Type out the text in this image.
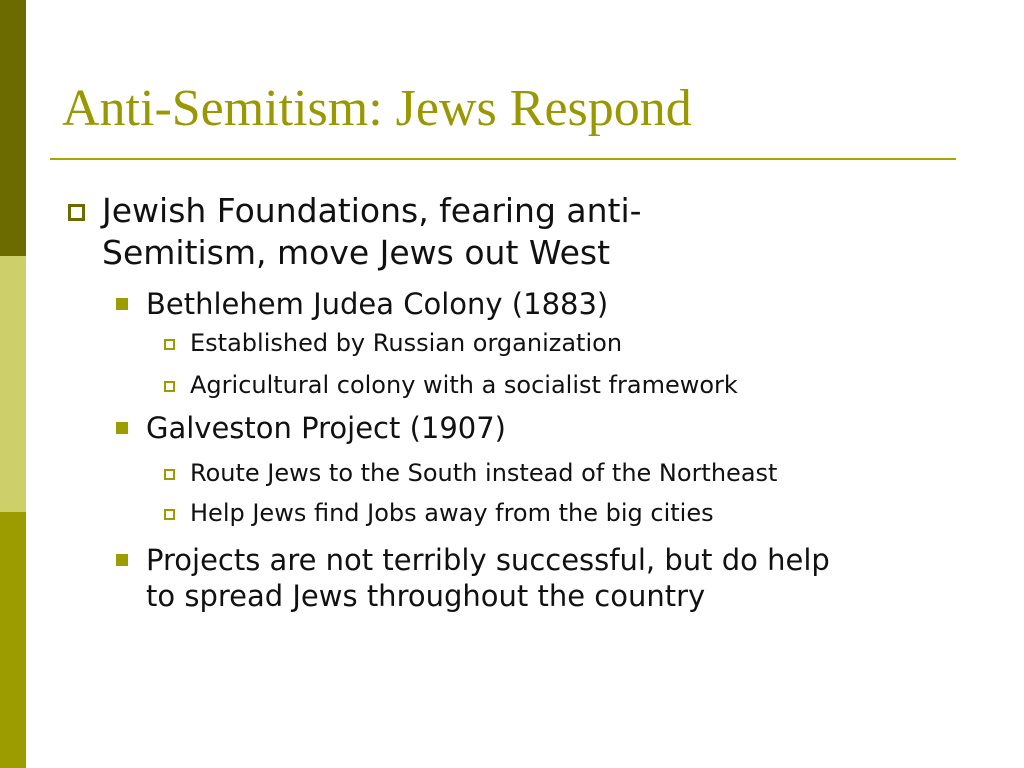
Anti-Semitism: Jews Respond
Jewish Foundations, fearing anti-
Semitism, move Jews out West
Bethlehem Judea Colony (1883)
Established by Russian organization
Agricultural colony with a socialist framework
Galveston Project (1907)
Route Jews to the South instead of the Northeast
Help Jews find Jobs away from the big cities
Projects are not terribly successful, but do help
to spread Jews throughout the country
